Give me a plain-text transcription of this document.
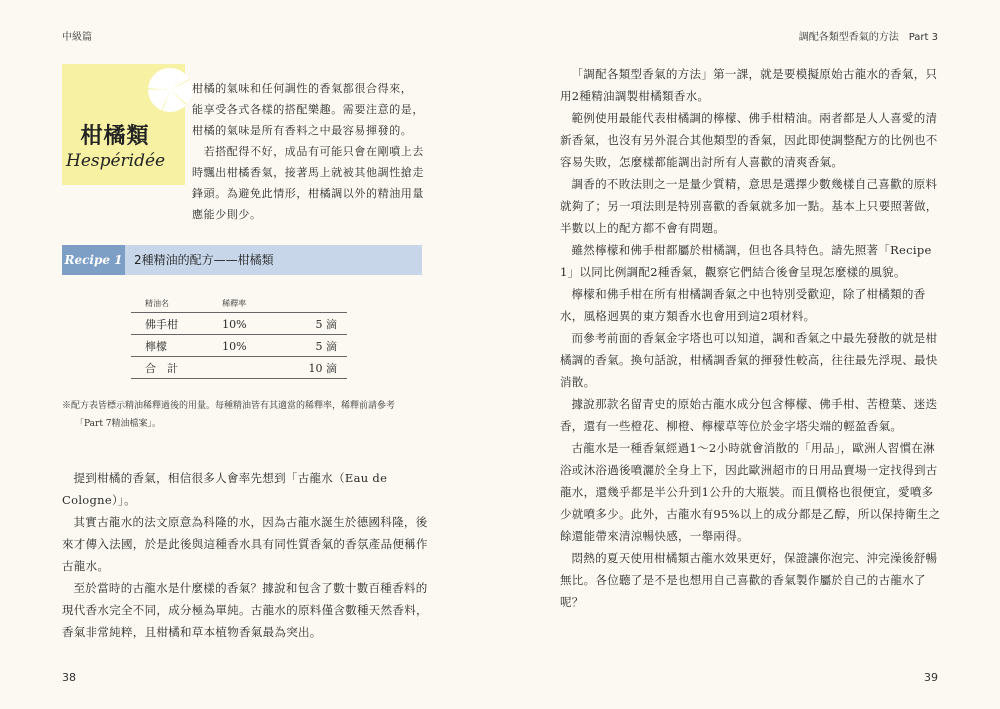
中級篇
柑橘類
Hespéridée
柑橘的氣味和任何調性的香氣都很合得來，
能享受各式各樣的搭配樂趣。需要注意的是，
柑橘的氣味是所有香料之中最容易揮發的。
　若搭配得不好，成品有可能只會在剛噴上去
時飄出柑橘香氣，接著馬上就被其他調性搶走
鋒頭。為避免此情形，柑橘調以外的精油用量
應能少則少。
Recipe 1 2種精油的配方——柑橘類
精油名	稀釋率	
佛手柑	10%	5 滴
檸檬	10%	5 滴
合　計		10 滴

※配方表皆標示精油稀釋過後的用量。每種精油皆有其適當的稀釋率，稀釋前請參考

「Part 7精油檔案」。

提到柑橘的香氣，相信很多人會率先想到「古龍水（Eau de Cologne）」。

其實古龍水的法文原意為科隆的水，因為古龍水誕生於德國科隆，後來才傳入法國，於是此後與這種香水具有同性質香氣的香氛產品便稱作古龍水。

至於當時的古龍水是什麼樣的香氣？據說和包含了數十數百種香料的現代香水完全不同，成分極為單純。古龍水的原料僅含數種天然香料，香氣非常純粹，且柑橘和草本植物香氣最為突出。

38
調配各類型香氣的方法　Part 3
39

「調配各類型香氣的方法」第一課，就是要模擬原始古龍水的香氣，只用2種精油調製柑橘類香水。

範例使用最能代表柑橘調的檸檬、佛手柑精油。兩者都是人人喜愛的清新香氣，也沒有另外混合其他類型的香氣，因此即使調整配方的比例也不容易失敗，怎麼樣都能調出討所有人喜歡的清爽香氣。

調香的不敗法則之一是量少質精，意思是選擇少數幾樣自己喜歡的原料就夠了；另一項法則是特別喜歡的香氣就多加一點。基本上只要照著做，半數以上的配方都不會有問題。

雖然檸檬和佛手柑都屬於柑橘調，但也各具特色。請先照著「Recipe 1」以同比例調配2種香氣，觀察它們結合後會呈現怎麼樣的風貌。

檸檬和佛手柑在所有柑橘調香氣之中也特別受歡迎，除了柑橘類的香水，風格迥異的東方類香水也會用到這2項材料。

而參考前面的香氣金字塔也可以知道，調和香氣之中最先發散的就是柑橘調的香氣。換句話說，柑橘調香氣的揮發性較高，往往最先浮現、最快消散。

據說那款名留青史的原始古龍水成分包含檸檬、佛手柑、苦橙葉、迷迭香，還有一些橙花、柳橙、檸檬草等位於金字塔尖端的輕盈香氣。

古龍水是一種香氣經過1～2小時就會消散的「用品」，歐洲人習慣在淋浴或沐浴過後噴灑於全身上下，因此歐洲超市的日用品賣場一定找得到古龍水，還幾乎都是半公升到1公升的大瓶裝。而且價格也很便宜，愛噴多少就噴多少。此外，古龍水有95%以上的成分都是乙醇，所以保持衛生之餘還能帶來清涼暢快感，一舉兩得。

悶熱的夏天使用柑橘類古龍水效果更好，保證讓你泡完、沖完澡後舒暢無比。各位聽了是不是也想用自己喜歡的香氣製作屬於自己的古龍水了呢？
